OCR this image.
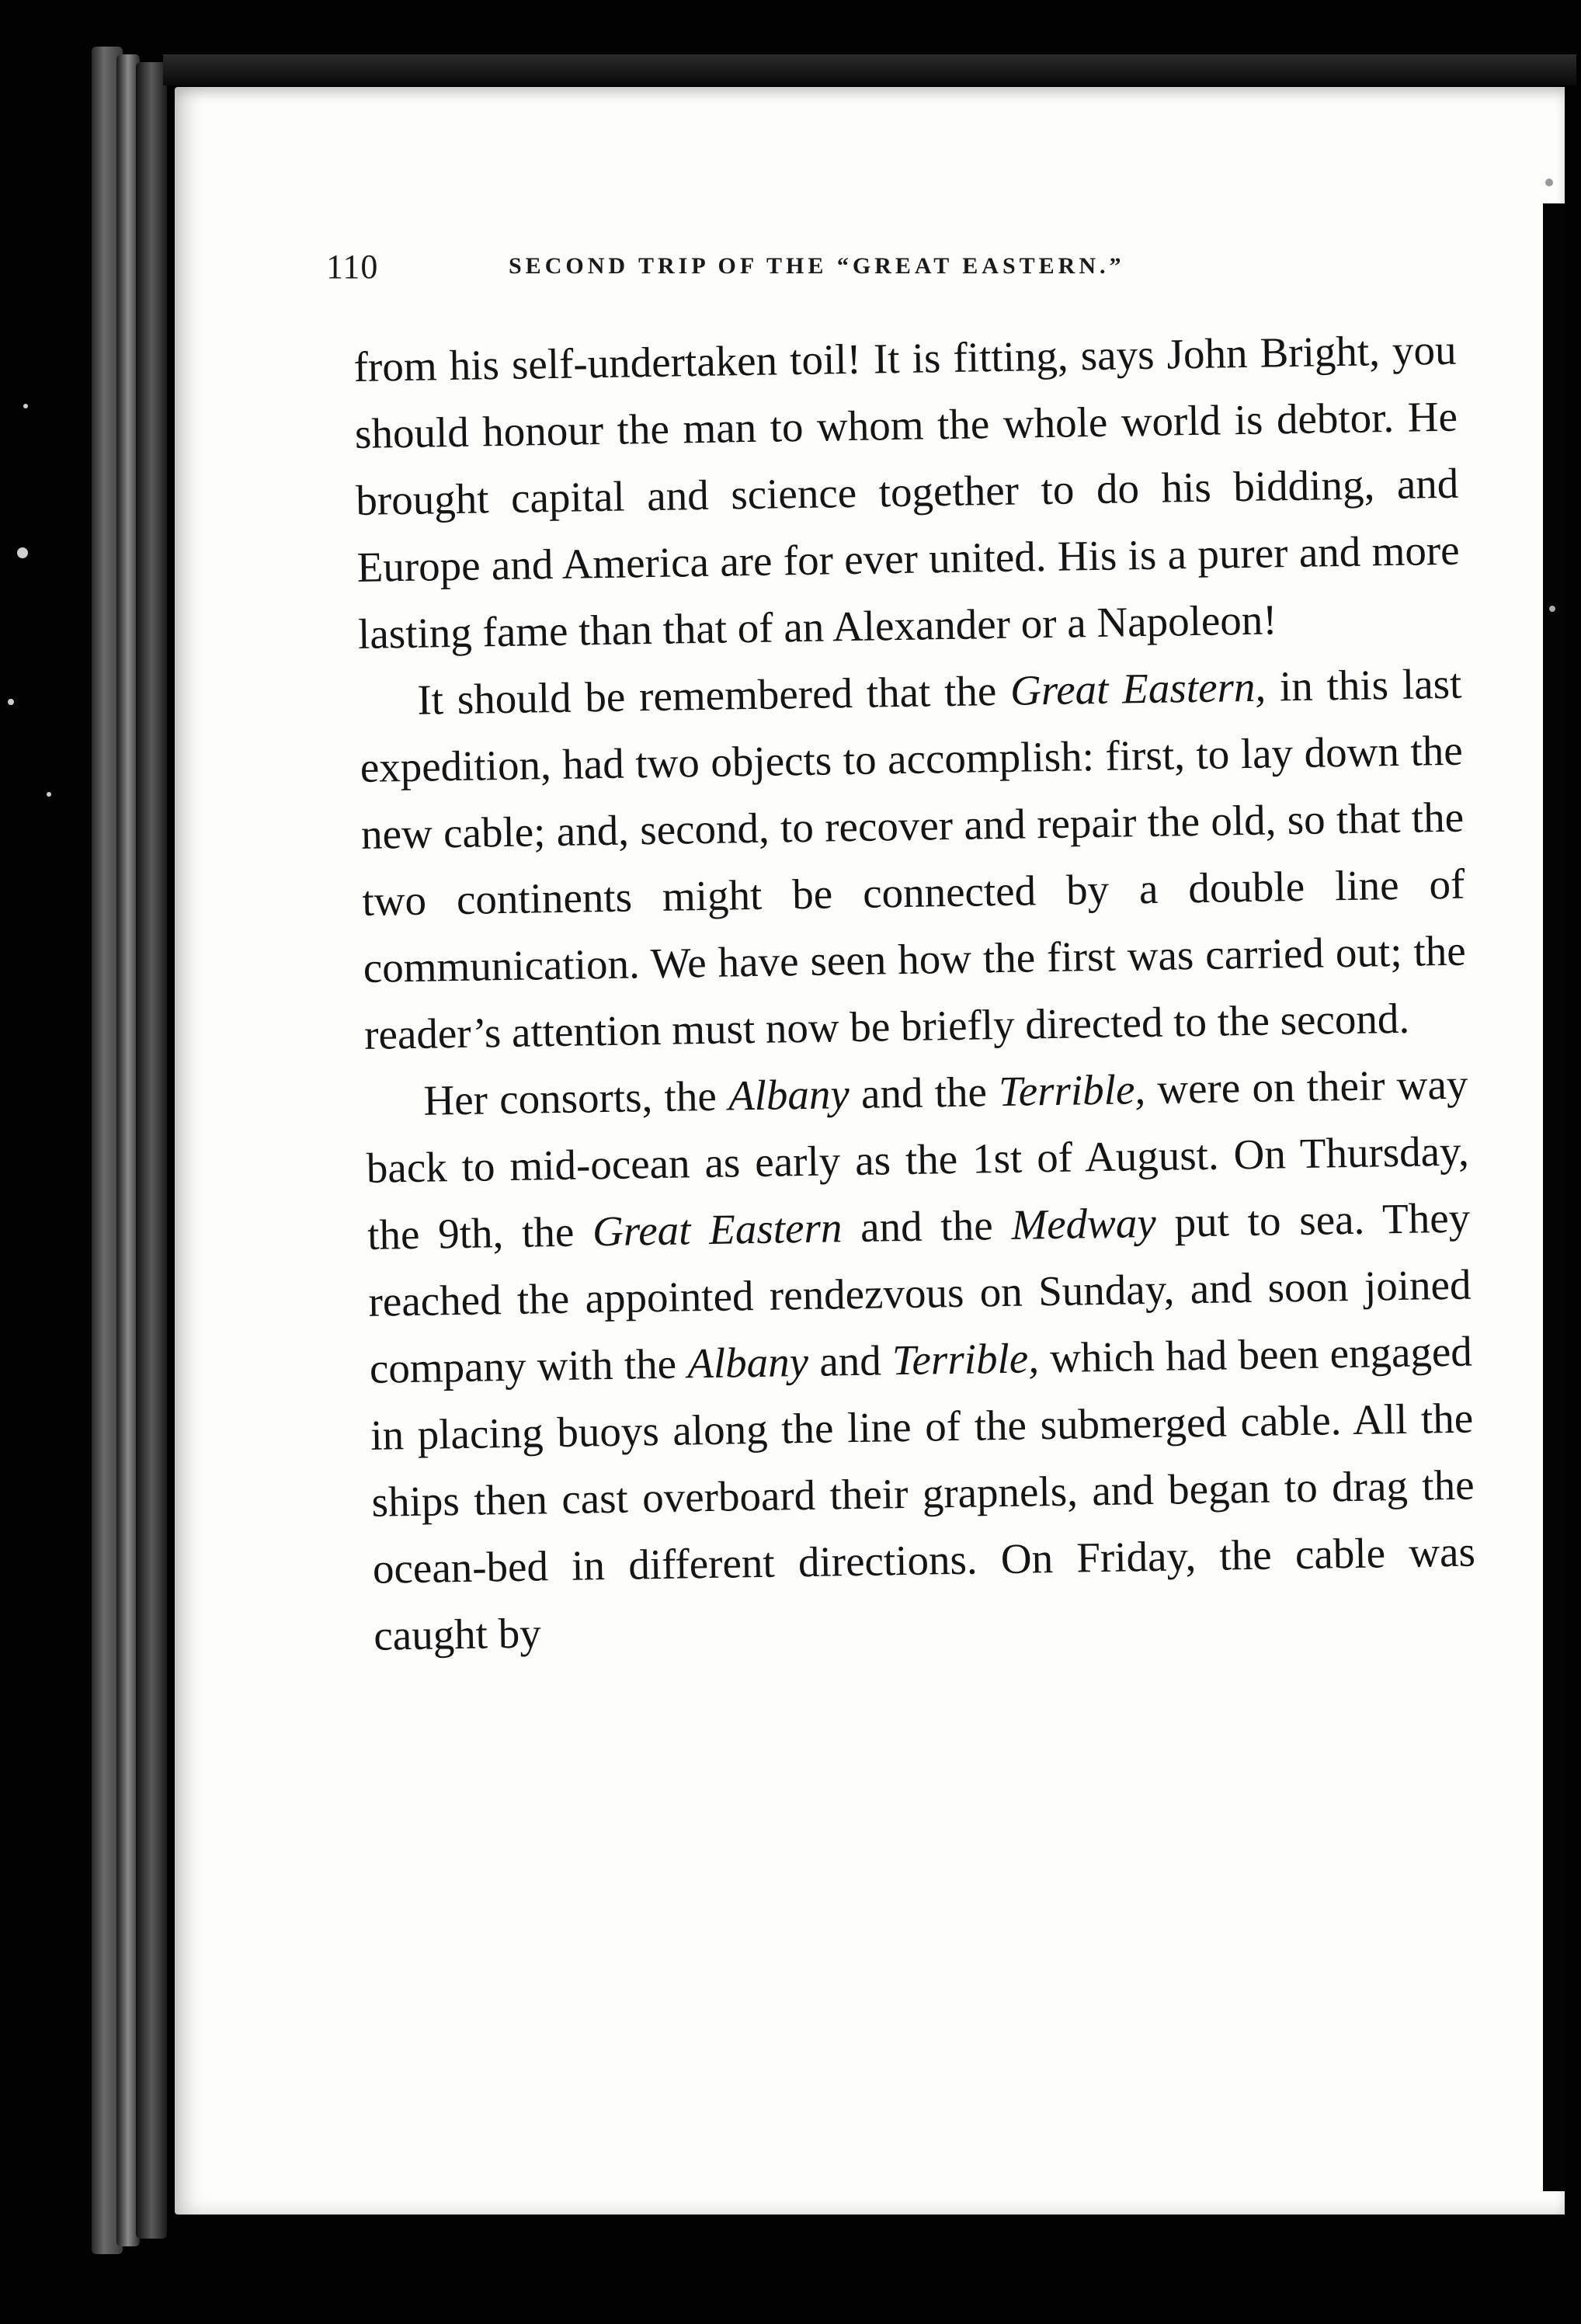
110	SECOND TRIP OF THE “GREAT EASTERN.”

from his self-undertaken toil! It is fitting, says John Bright, you should honour the man to whom the whole world is debtor. He brought capital and science together to do his bidding, and Europe and America are for ever united. His is a purer and more lasting fame than that of an Alexander or a Napoleon!

It should be remembered that the Great Eastern, in this last expedition, had two objects to accomplish: first, to lay down the new cable; and, second, to recover and repair the old, so that the two continents might be connected by a double line of communication. We have seen how the first was carried out; the reader’s attention must now be briefly directed to the second.

Her consorts, the Albany and the Terrible, were on their way back to mid-ocean as early as the 1st of August. On Thursday, the 9th, the Great Eastern and the Medway put to sea. They reached the appointed rendezvous on Sunday, and soon joined company with the Albany and Terrible, which had been engaged in placing buoys along the line of the submerged cable. All the ships then cast overboard their grapnels, and began to drag the ocean-bed in different directions. On Friday, the cable was caught by
